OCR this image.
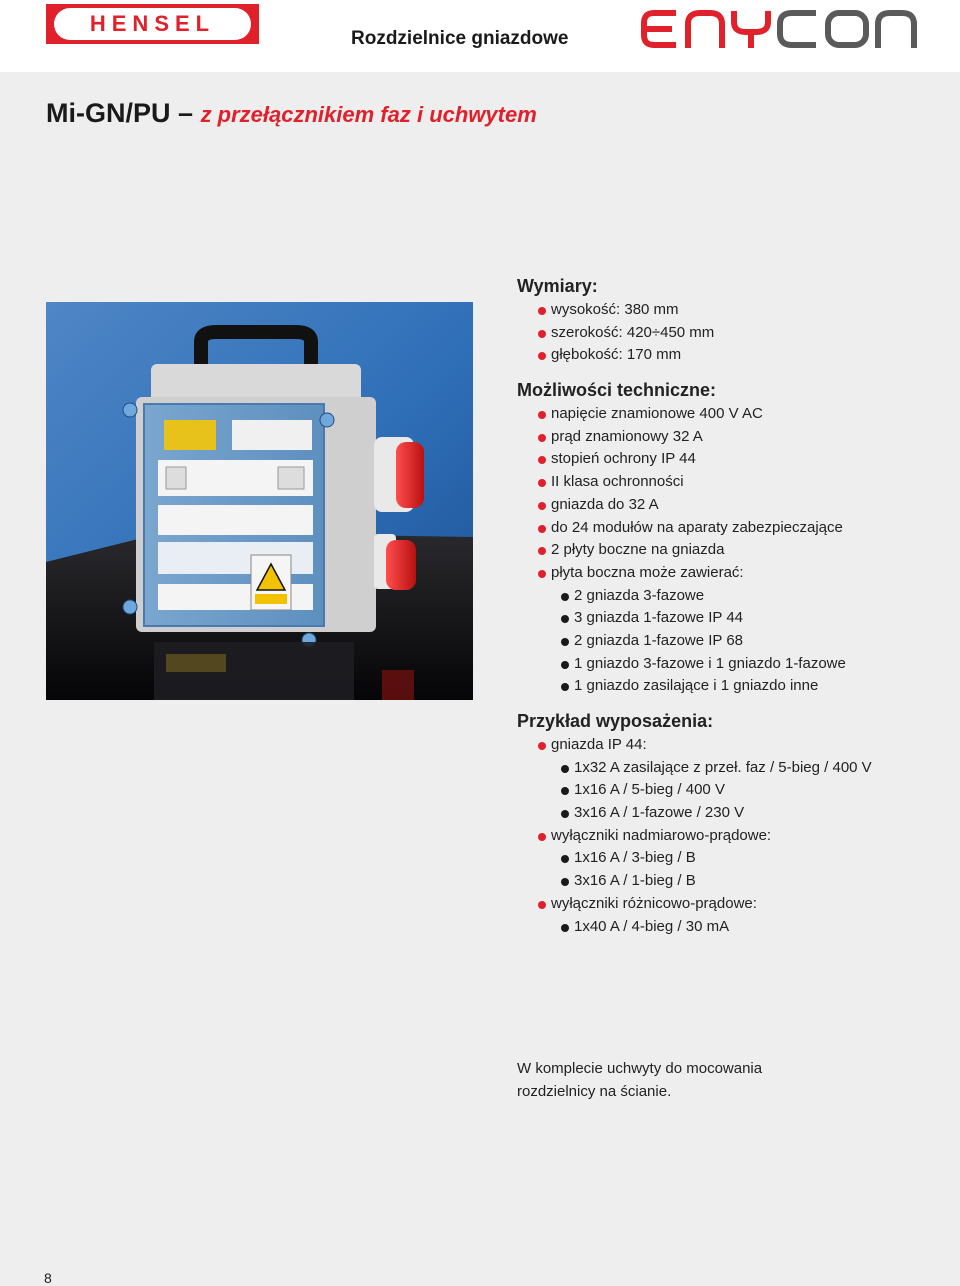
HENSEL
Rozdzielnice gniazdowe
Mi-GN/PU – z przełącznikiem faz i uchwytem
Wymiary:
wysokość: 380 mm
szerokość: 420÷450 mm
głębokość: 170 mm
Możliwości techniczne:
napięcie znamionowe 400 V AC
prąd znamionowy 32 A
stopień ochrony IP 44
II klasa ochronności
gniazda do 32 A
do 24 modułów na aparaty zabezpieczające
2 płyty boczne na gniazda
płyta boczna może zawierać:
2 gniazda 3-fazowe
3 gniazda 1-fazowe IP 44
2 gniazda 1-fazowe IP 68
1 gniazdo 3-fazowe i 1 gniazdo 1-fazowe
1 gniazdo zasilające i 1 gniazdo inne
Przykład wyposażenia:
gniazda IP 44:
1x32 A zasilające z przeł. faz / 5-bieg / 400 V
1x16 A / 5-bieg / 400 V
3x16 A / 1-fazowe / 230 V
wyłączniki nadmiarowo-prądowe:
1x16 A / 3-bieg / B
3x16 A / 1-bieg / B
wyłączniki różnicowo-prądowe:
1x40 A / 4-bieg / 30 mA
W komplecie uchwyty do mocowania
rozdzielnicy na ścianie.
8
